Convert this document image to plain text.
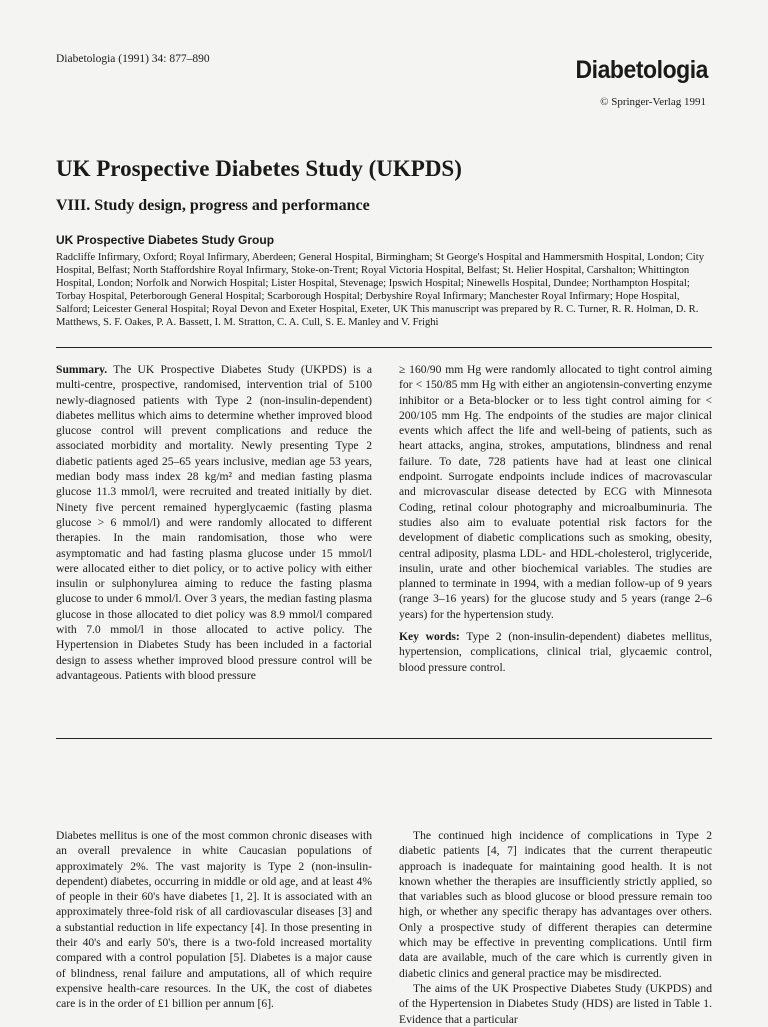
Diabetologia (1991) 34: 877–890	Diabetologia
© Springer-Verlag 1991
UK Prospective Diabetes Study (UKPDS)
VIII. Study design, progress and performance
UK Prospective Diabetes Study Group
Radcliffe Infirmary, Oxford; Royal Infirmary, Aberdeen; General Hospital, Birmingham; St George's Hospital and Hammersmith Hospital, London; City Hospital, Belfast; North Staffordshire Royal Infirmary, Stoke-on-Trent; Royal Victoria Hospital, Belfast; St. Helier Hospital, Carshalton; Whittington Hospital, London; Norfolk and Norwich Hospital; Lister Hospital, Stevenage; Ipswich Hospital; Ninewells Hospital, Dundee; Northampton Hospital; Torbay Hospital, Peterborough General Hospital; Scarborough Hospital; Derbyshire Royal Infirmary; Manchester Royal Infirmary; Hope Hospital, Salford; Leicester General Hospital; Royal Devon and Exeter Hospital, Exeter, UK This manuscript was prepared by R. C. Turner, R. R. Holman, D. R. Matthews, S. F. Oakes, P. A. Bassett, I. M. Stratton, C. A. Cull, S. E. Manley and V. Frighi

Summary. The UK Prospective Diabetes Study (UKPDS) is a multi-centre, prospective, randomised, intervention trial of 5100 newly-diagnosed patients with Type 2 (non-insulin-dependent) diabetes mellitus which aims to determine whether improved blood glucose control will prevent complications and reduce the associated morbidity and mortality. Newly presenting Type 2 diabetic patients aged 25–65 years inclusive, median age 53 years, median body mass index 28 kg/m² and median fasting plasma glucose 11.3 mmol/l, were recruited and treated initially by diet. Ninety five percent remained hyperglycaemic (fasting plasma glucose > 6 mmol/l) and were randomly allocated to different therapies. In the main randomisation, those who were asymptomatic and had fasting plasma glucose under 15 mmol/l were allocated either to diet policy, or to active policy with either insulin or sulphonylurea aiming to reduce the fasting plasma glucose to under 6 mmol/l. Over 3 years, the median fasting plasma glucose in those allocated to diet policy was 8.9 mmol/l compared with 7.0 mmol/l in those allocated to active policy. The Hypertension in Diabetes Study has been included in a factorial design to assess whether improved blood pressure control will be advantageous. Patients with blood pressure

≥ 160/90 mm Hg were randomly allocated to tight control aiming for < 150/85 mm Hg with either an angiotensin-converting enzyme inhibitor or a Beta-blocker or to less tight control aiming for < 200/105 mm Hg. The endpoints of the studies are major clinical events which affect the life and well-being of patients, such as heart attacks, angina, strokes, amputations, blindness and renal failure. To date, 728 patients have had at least one clinical endpoint. Surrogate endpoints include indices of macrovascular and microvascular disease detected by ECG with Minnesota Coding, retinal colour photography and microalbuminuria. The studies also aim to evaluate potential risk factors for the development of diabetic complications such as smoking, obesity, central adiposity, plasma LDL- and HDL-cholesterol, triglyceride, insulin, urate and other biochemical variables. The studies are planned to terminate in 1994, with a median follow-up of 9 years (range 3–16 years) for the glucose study and 5 years (range 2–6 years) for the hypertension study.

Key words: Type 2 (non-insulin-dependent) diabetes mellitus, hypertension, complications, clinical trial, glycaemic control, blood pressure control.

Diabetes mellitus is one of the most common chronic diseases with an overall prevalence in white Caucasian populations of approximately 2%. The vast majority is Type 2 (non-insulin-dependent) diabetes, occurring in middle or old age, and at least 4% of people in their 60's have diabetes [1, 2]. It is associated with an approximately three-fold risk of all cardiovascular diseases [3] and a substantial reduction in life expectancy [4]. In those presenting in their 40's and early 50's, there is a two-fold increased mortality compared with a control population [5]. Diabetes is a major cause of blindness, renal failure and amputations, all of which require expensive health-care resources. In the UK, the cost of diabetes care is in the order of £1 billion per annum [6].

The continued high incidence of complications in Type 2 diabetic patients [4, 7] indicates that the current therapeutic approach is inadequate for maintaining good health. It is not known whether the therapies are insufficiently strictly applied, so that variables such as blood glucose or blood pressure remain too high, or whether any specific therapy has advantages over others. Only a prospective study of different therapies can determine which may be effective in preventing complications. Until firm data are available, much of the care which is currently given in diabetic clinics and general practice may be misdirected.

The aims of the UK Prospective Diabetes Study (UKPDS) and of the Hypertension in Diabetes Study (HDS) are listed in Table 1. Evidence that a particular
